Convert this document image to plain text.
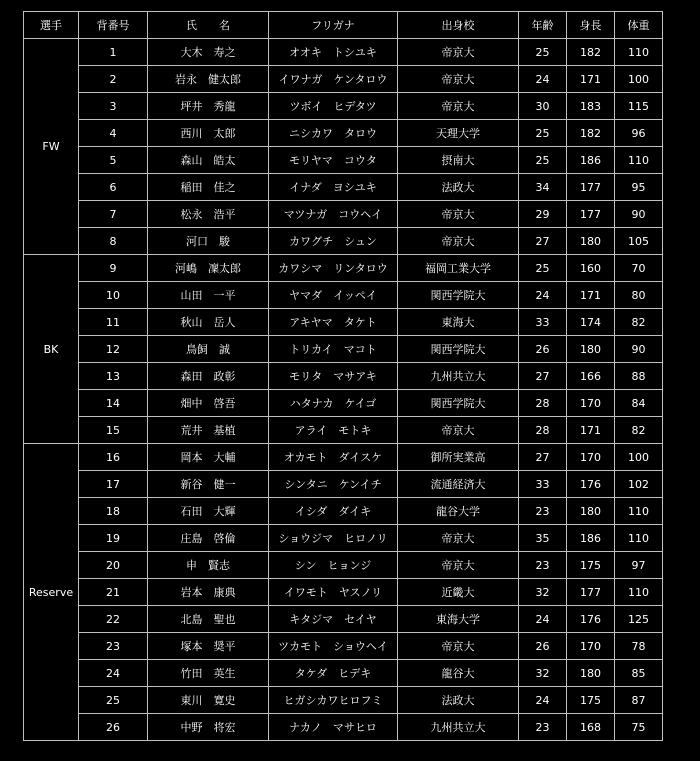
選手	背番号	氏　　名	フリガナ	出身校	年齢	身長	体重
FW	1	大木　寿之	オオキ　トシユキ	帝京大	25	182	110
	2	岩永　健太郎	イワナガ　ケンタロウ	帝京大	24	171	100
	3	坪井　秀龍	ツボイ　ヒデタツ	帝京大	30	183	115
	4	西川　太郎	ニシカワ　タロウ	天理大学	25	182	96
	5	森山　皓太	モリヤマ　コウタ	摂南大	25	186	110
	6	稲田　佳之	イナダ　ヨシユキ	法政大	34	177	95
	7	松永　浩平	マツナガ　コウヘイ	帝京大	29	177	90
	8	河口　駿	カワグチ　シュン	帝京大	27	180	105
BK	9	河嶋　凜太郎	カワシマ　リンタロウ	福岡工業大学	25	160	70
	10	山田　一平	ヤマダ　イッペイ	関西学院大	24	171	80
	11	秋山　岳人	アキヤマ　タケト	東海大	33	174	82
	12	鳥飼　誠	トリカイ　マコト	関西学院大	26	180	90
	13	森田　政彰	モリタ　マサアキ	九州共立大	27	166	88
	14	畑中　啓吾	ハタナカ　ケイゴ	関西学院大	28	170	84
	15	荒井　基植	アライ　モトキ	帝京大	28	171	82
Reserve	16	岡本　大輔	オカモト　ダイスケ	御所実業高	27	170	100
	17	新谷　健一	シンタニ　ケンイチ	流通経済大	33	176	102
	18	石田　大輝	イシダ　ダイキ	龍谷大学	23	180	110
	19	庄島　啓倫	ショウジマ　ヒロノリ	帝京大	35	186	110
	20	申　賢志	シン　ヒョンジ	帝京大	23	175	97
	21	岩本　康典	イワモト　ヤスノリ	近畿大	32	177	110
	22	北島　聖也	キタジマ　セイヤ	東海大学	24	176	125
	23	塚本　奨平	ツカモト　ショウヘイ	帝京大	26	170	78
	24	竹田　英生	タケダ　ヒデキ	龍谷大	32	180	85
	25	東川　寛史	ヒガシカワヒロフミ	法政大	24	175	87
	26	中野　将宏	ナカノ　マサヒロ	九州共立大	23	168	75
